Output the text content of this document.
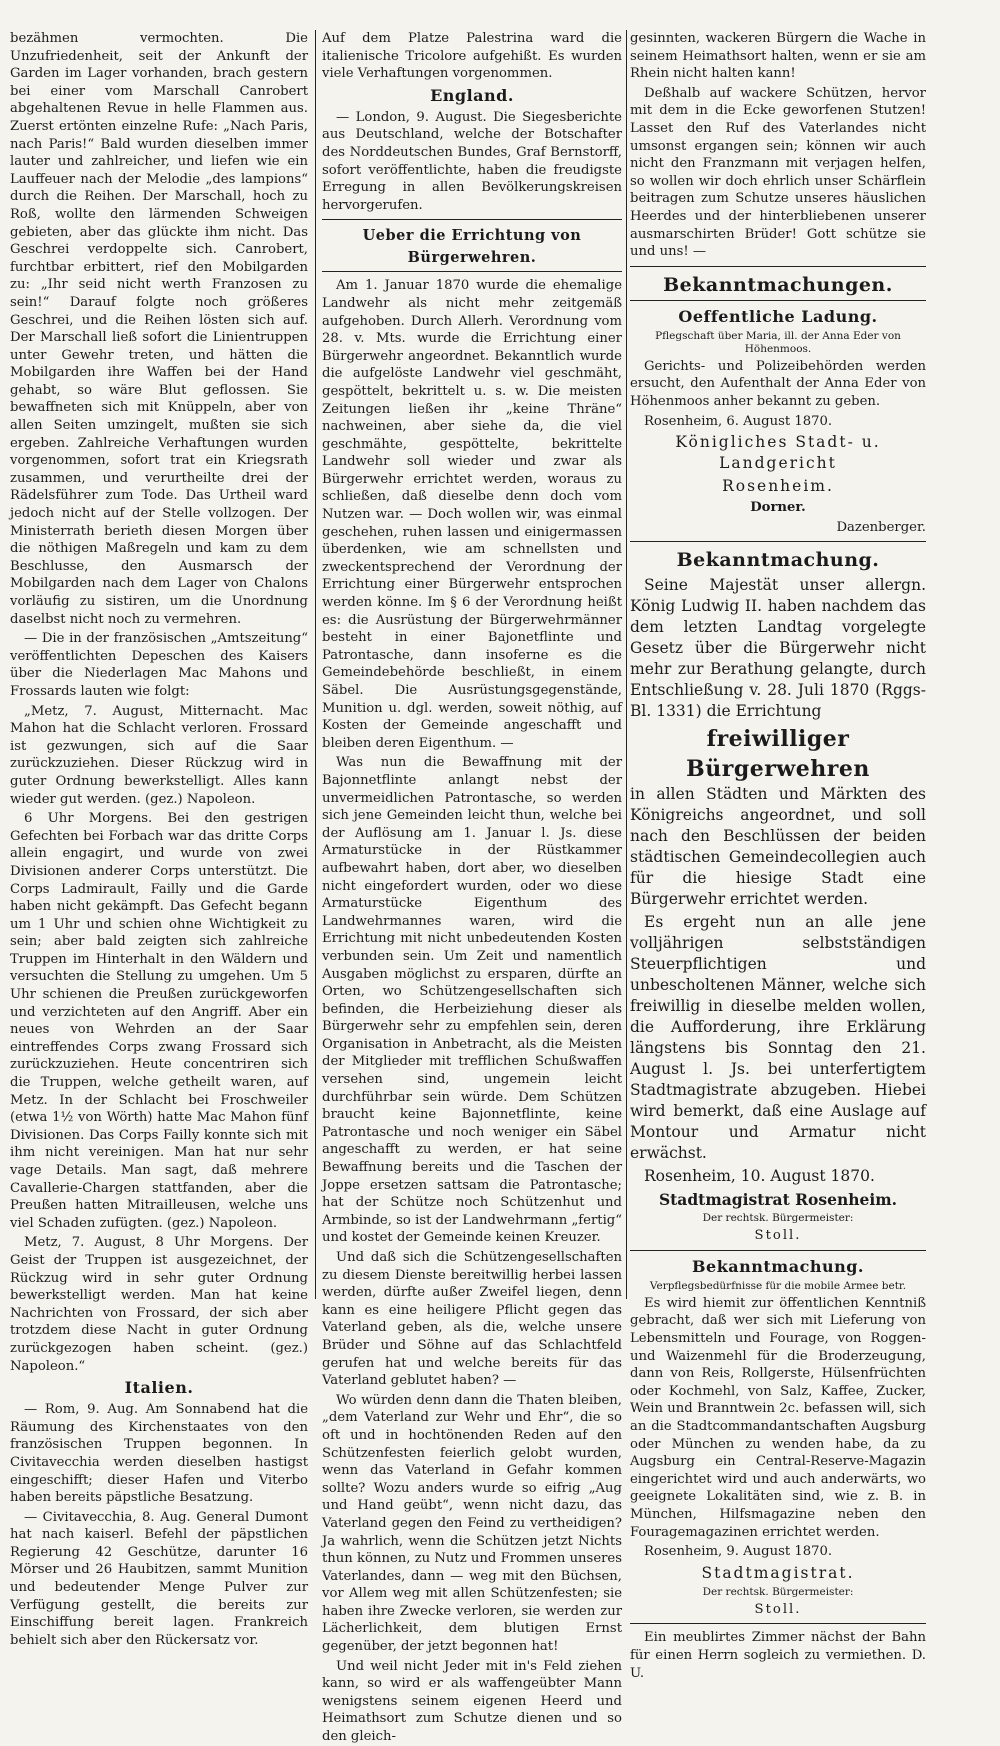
bezähmen vermochten. Die Unzufriedenheit, seit der Ankunft der Garden im Lager vorhanden, brach gestern bei einer vom Marschall Canrobert abgehaltenen Revue in helle Flammen aus. Zuerst ertönten einzelne Rufe: „Nach Paris, nach Paris!“ Bald wurden dieselben immer lauter und zahlreicher, und liefen wie ein Lauffeuer nach der Melodie „des lampions“ durch die Reihen. Der Marschall, hoch zu Roß, wollte den lärmenden Schweigen gebieten, aber das glückte ihm nicht. Das Geschrei verdoppelte sich. Canrobert, furchtbar erbittert, rief den Mobilgarden zu: „Ihr seid nicht werth Franzosen zu sein!“ Darauf folgte noch größeres Geschrei, und die Reihen lösten sich auf. Der Marschall ließ sofort die Linientruppen unter Gewehr treten, und hätten die Mobilgarden ihre Waffen bei der Hand gehabt, so wäre Blut geflossen. Sie bewaffneten sich mit Knüppeln, aber von allen Seiten umzingelt, mußten sie sich ergeben. Zahlreiche Verhaftungen wurden vorgenommen, sofort trat ein Kriegsrath zusammen, und verurtheilte drei der Rädelsführer zum Tode. Das Urtheil ward jedoch nicht auf der Stelle vollzogen. Der Ministerrath berieth diesen Morgen über die nöthigen Maßregeln und kam zu dem Beschlusse, den Ausmarsch der Mobilgarden nach dem Lager von Chalons vorläufig zu sistiren, um die Unordnung daselbst nicht noch zu vermehren.

— Die in der französischen „Amtszeitung“ veröffentlichten Depeschen des Kaisers über die Niederlagen Mac Mahons und Frossards lauten wie folgt:

„Metz, 7. August, Mitternacht. Mac Mahon hat die Schlacht verloren. Frossard ist gezwungen, sich auf die Saar zurückzuziehen. Dieser Rückzug wird in guter Ordnung bewerkstelligt. Alles kann wieder gut werden. (gez.) Napoleon.

6 Uhr Morgens. Bei den gestrigen Gefechten bei Forbach war das dritte Corps allein engagirt, und wurde von zwei Divisionen anderer Corps unterstützt. Die Corps Ladmirault, Failly und die Garde haben nicht gekämpft. Das Gefecht begann um 1 Uhr und schien ohne Wichtigkeit zu sein; aber bald zeigten sich zahlreiche Truppen im Hinterhalt in den Wäldern und versuchten die Stellung zu umgehen. Um 5 Uhr schienen die Preußen zurückgeworfen und verzichteten auf den Angriff. Aber ein neues von Wehrden an der Saar eintreffendes Corps zwang Frossard sich zurückzuziehen. Heute concentriren sich die Truppen, welche getheilt waren, auf Metz. In der Schlacht bei Froschweiler (etwa 1½ von Wörth) hatte Mac Mahon fünf Divisionen. Das Corps Failly konnte sich mit ihm nicht vereinigen. Man hat nur sehr vage Details. Man sagt, daß mehrere Cavallerie-Chargen stattfanden, aber die Preußen hatten Mitrailleusen, welche uns viel Schaden zufügten. (gez.) Napoleon.

Metz, 7. August, 8 Uhr Morgens. Der Geist der Truppen ist ausgezeichnet, der Rückzug wird in sehr guter Ordnung bewerkstelligt werden. Man hat keine Nachrichten von Frossard, der sich aber trotzdem diese Nacht in guter Ordnung zurückgezogen haben scheint. (gez.) Napoleon.“

Italien.

— Rom, 9. Aug. Am Sonnabend hat die Räumung des Kirchenstaates von den französischen Truppen begonnen. In Civitavecchia werden dieselben hastigst eingeschifft; dieser Hafen und Viterbo haben bereits päpstliche Besatzung.

— Civitavecchia, 8. Aug. General Dumont hat nach kaiserl. Befehl der päpstlichen Regierung 42 Geschütze, darunter 16 Mörser und 26 Haubitzen, sammt Munition und bedeutender Menge Pulver zur Verfügung gestellt, die bereits zur Einschiffung bereit lagen. Frankreich behielt sich aber den Rückersatz vor.

Auf dem Platze Palestrina ward die italienische Tricolore aufgehißt. Es wurden viele Verhaftungen vorgenommen.

England.

— London, 9. August. Die Siegesberichte aus Deutschland, welche der Botschafter des Norddeutschen Bundes, Graf Bernstorff, sofort veröffentlichte, haben die freudigste Erregung in allen Bevölkerungskreisen hervorgerufen.

Ueber die Errichtung von Bürgerwehren.

Am 1. Januar 1870 wurde die ehemalige Landwehr als nicht mehr zeitgemäß aufgehoben. Durch Allerh. Verordnung vom 28. v. Mts. wurde die Errichtung einer Bürgerwehr angeordnet. Bekanntlich wurde die aufgelöste Landwehr viel geschmäht, gespöttelt, bekrittelt u. s. w. Die meisten Zeitungen ließen ihr „keine Thräne“ nachweinen, aber siehe da, die viel geschmähte, gespöttelte, bekrittelte Landwehr soll wieder und zwar als Bürgerwehr errichtet werden, woraus zu schließen, daß dieselbe denn doch vom Nutzen war. — Doch wollen wir, was einmal geschehen, ruhen lassen und einigermassen überdenken, wie am schnellsten und zweckentsprechend der Verordnung der Errichtung einer Bürgerwehr entsprochen werden könne. Im § 6 der Verordnung heißt es: die Ausrüstung der Bürgerwehrmänner besteht in einer Bajonetflinte und Patrontasche, dann insoferne es die Gemeindebehörde beschließt, in einem Säbel. Die Ausrüstungsgegenstände, Munition u. dgl. werden, soweit nöthig, auf Kosten der Gemeinde angeschafft und bleiben deren Eigenthum. —

Was nun die Bewaffnung mit der Bajonnetflinte anlangt nebst der unvermeidlichen Patrontasche, so werden sich jene Gemeinden leicht thun, welche bei der Auflösung am 1. Januar l. Js. diese Armaturstücke in der Rüstkammer aufbewahrt haben, dort aber, wo dieselben nicht eingefordert wurden, oder wo diese Armaturstücke Eigenthum des Landwehrmannes waren, wird die Errichtung mit nicht unbedeutenden Kosten verbunden sein. Um Zeit und namentlich Ausgaben möglichst zu ersparen, dürfte an Orten, wo Schützengesellschaften sich befinden, die Herbeiziehung dieser als Bürgerwehr sehr zu empfehlen sein, deren Organisation in Anbetracht, als die Meisten der Mitglieder mit trefflichen Schußwaffen versehen sind, ungemein leicht durchführbar sein würde. Dem Schützen braucht keine Bajonnetflinte, keine Patrontasche und noch weniger ein Säbel angeschafft zu werden, er hat seine Bewaffnung bereits und die Taschen der Joppe ersetzen sattsam die Patrontasche; hat der Schütze noch Schützenhut und Armbinde, so ist der Landwehrmann „fertig“ und kostet der Gemeinde keinen Kreuzer.

Und daß sich die Schützengesellschaften zu diesem Dienste bereitwillig herbei lassen werden, dürfte außer Zweifel liegen, denn kann es eine heiligere Pflicht gegen das Vaterland geben, als die, welche unsere Brüder und Söhne auf das Schlachtfeld gerufen hat und welche bereits für das Vaterland geblutet haben? —

Wo würden denn dann die Thaten bleiben, „dem Vaterland zur Wehr und Ehr“, die so oft und in hochtönenden Reden auf den Schützenfesten feierlich gelobt wurden, wenn das Vaterland in Gefahr kommen sollte? Wozu anders wurde so eifrig „Aug und Hand geübt“, wenn nicht dazu, das Vaterland gegen den Feind zu vertheidigen? Ja wahrlich, wenn die Schützen jetzt Nichts thun können, zu Nutz und Frommen unseres Vaterlandes, dann — weg mit den Büchsen, vor Allem weg mit allen Schützenfesten; sie haben ihre Zwecke verloren, sie werden zur Lächerlichkeit, dem blutigen Ernst gegenüber, der jetzt begonnen hat!

Und weil nicht Jeder mit in's Feld ziehen kann, so wird er als waffengeübter Mann wenigstens seinem eigenen Heerd und Heimathsort zum Schutze dienen und so den gleich-

gesinnten, wackeren Bürgern die Wache in seinem Heimathsort halten, wenn er sie am Rhein nicht halten kann!

Deßhalb auf wackere Schützen, hervor mit dem in die Ecke geworfenen Stutzen! Lasset den Ruf des Vaterlandes nicht umsonst ergangen sein; können wir auch nicht den Franzmann mit verjagen helfen, so wollen wir doch ehrlich unser Schärflein beitragen zum Schutze unseres häuslichen Heerdes und der hinterbliebenen unserer ausmarschirten Brüder! Gott schütze sie und uns! —

Bekanntmachungen.
Oeffentliche Ladung.

Pflegschaft über Maria, ill. der Anna Eder von Höhenmoos.

Gerichts- und Polizeibehörden werden ersucht, den Aufenthalt der Anna Eder von Höhenmoos anher bekannt zu geben.

Rosenheim, 6. August 1870.

Königliches Stadt- u. Landgericht

Rosenheim.

Dorner.

Dazenberger.

Bekanntmachung.

Seine Majestät unser allergn. König Ludwig II. haben nachdem das dem letzten Landtag vorgelegte Gesetz über die Bürgerwehr nicht mehr zur Berathung gelangte, durch Entschließung v. 28. Juli 1870 (Rggs-Bl. 1331) die Errichtung

freiwilliger Bürgerwehren

in allen Städten und Märkten des Königreichs angeordnet, und soll nach den Beschlüssen der beiden städtischen Gemeindecollegien auch für die hiesige Stadt eine Bürgerwehr errichtet werden.

Es ergeht nun an alle jene volljährigen selbstständigen Steuerpflichtigen und unbescholtenen Männer, welche sich freiwillig in dieselbe melden wollen, die Aufforderung, ihre Erklärung längstens bis Sonntag den 21. August l. Js. bei unterfertigtem Stadtmagistrate abzugeben. Hiebei wird bemerkt, daß eine Auslage auf Montour und Armatur nicht erwächst.

Rosenheim, 10. August 1870.

Stadtmagistrat Rosenheim.

Der rechtsk. Bürgermeister:

Stoll.

Bekanntmachung.

Verpflegsbedürfnisse für die mobile Armee betr.

Es wird hiemit zur öffentlichen Kenntniß gebracht, daß wer sich mit Lieferung von Lebensmitteln und Fourage, von Roggen- und Waizenmehl für die Broderzeugung, dann von Reis, Rollgerste, Hülsenfrüchten oder Kochmehl, von Salz, Kaffee, Zucker, Wein und Branntwein 2c. befassen will, sich an die Stadtcommandantschaften Augsburg oder München zu wenden habe, da zu Augsburg ein Central-Reserve-Magazin eingerichtet wird und auch anderwärts, wo geeignete Lokalitäten sind, wie z. B. in München, Hilfsmagazine neben den Fouragemagazinen errichtet werden.

Rosenheim, 9. August 1870.

Stadtmagistrat.

Der rechtsk. Bürgermeister:

Stoll.

Ein meublirtes Zimmer nächst der Bahn für einen Herrn sogleich zu vermiethen. D. U.
